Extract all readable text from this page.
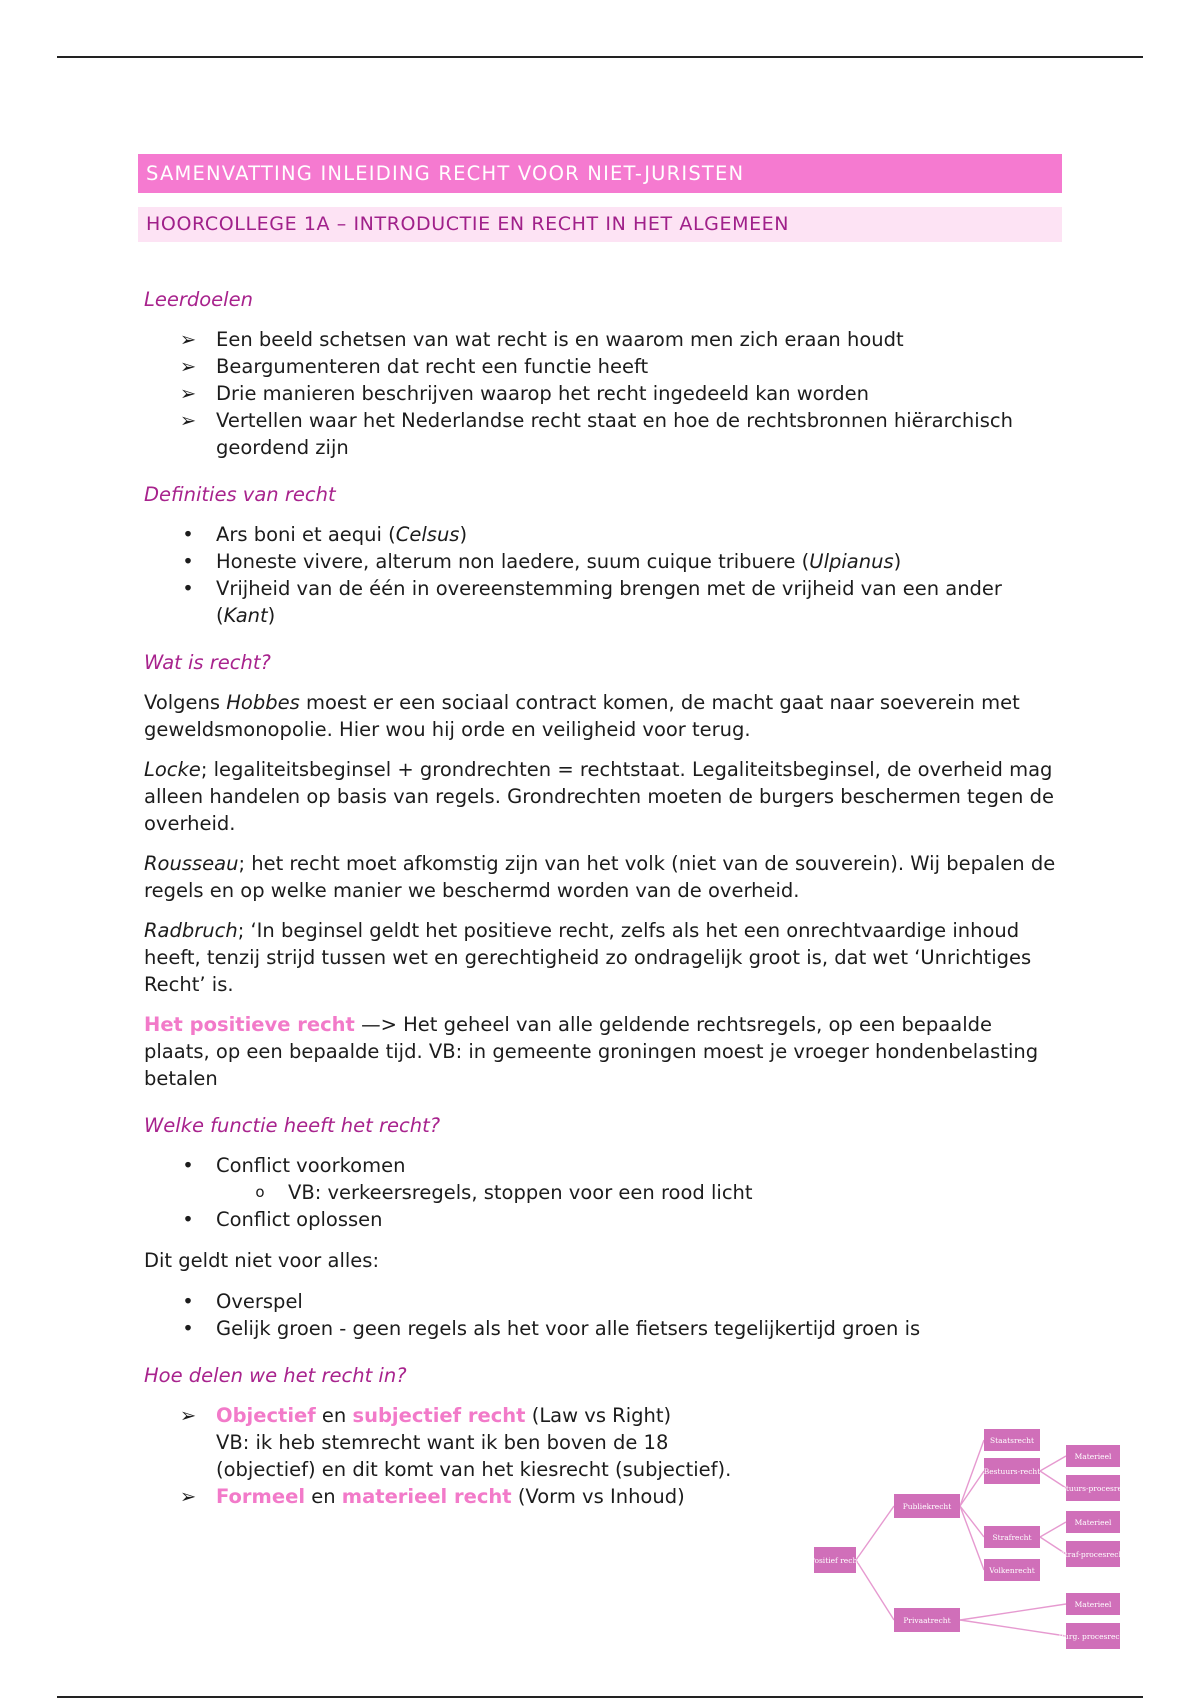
SAMENVATTING INLEIDING RECHT VOOR NIET-JURISTEN
HOORCOLLEGE 1A – INTRODUCTIE EN RECHT IN HET ALGEMEEN
Leerdoelen
➢ Een beeld schetsen van wat recht is en waarom men zich eraan houdt
➢ Beargumenteren dat recht een functie heeft
➢ Drie manieren beschrijven waarop het recht ingedeeld kan worden
➢ Vertellen waar het Nederlandse recht staat en hoe de rechtsbronnen hiërarchisch geordend zijn
Definities van recht
• Ars boni et aequi (Celsus)
• Honeste vivere, alterum non laedere, suum cuique tribuere (Ulpianus)
• Vrijheid van de één in overeenstemming brengen met de vrijheid van een ander (Kant)
Wat is recht?

Volgens Hobbes moest er een sociaal contract komen, de macht gaat naar soeverein met geweldsmonopolie. Hier wou hij orde en veiligheid voor terug.

Locke; legaliteitsbeginsel + grondrechten = rechtstaat. Legaliteitsbeginsel, de overheid mag alleen handelen op basis van regels. Grondrechten moeten de burgers beschermen tegen de overheid.

Rousseau; het recht moet afkomstig zijn van het volk (niet van de souverein). Wij bepalen de regels en op welke manier we beschermd worden van de overheid.

Radbruch; ‘In beginsel geldt het positieve recht, zelfs als het een onrechtvaardige inhoud heeft, tenzij strijd tussen wet en gerechtigheid zo ondragelijk groot is, dat wet ‘Unrichtiges Recht’ is.

Het positieve recht —> Het geheel van alle geldende rechtsregels, op een bepaalde plaats, op een bepaalde tijd. VB: in gemeente groningen moest je vroeger hondenbelasting betalen

Welke functie heeft het recht?
• Conflict voorkomen
o VB: verkeersregels, stoppen voor een rood licht
• Conflict oplossen

Dit geldt niet voor alles:

• Overspel
• Gelijk groen - geen regels als het voor alle fietsers tegelijkertijd groen is
Hoe delen we het recht in?
➢ Objectief en subjectief recht (Law vs Right)
VB: ik heb stemrecht want ik ben boven de 18
(objectief) en dit komt van het kiesrecht (subjectief).
➢ Formeel en materieel recht (Vorm vs Inhoud)
Positief recht
Publiekrecht
Privaatrecht
Staatsrecht
Bestuurs-recht
Strafrecht
Volkenrecht
Materieel
Bestuurs-procesrecht
Materieel
Straf-procesrecht
Materieel
Burg. procesrecht
